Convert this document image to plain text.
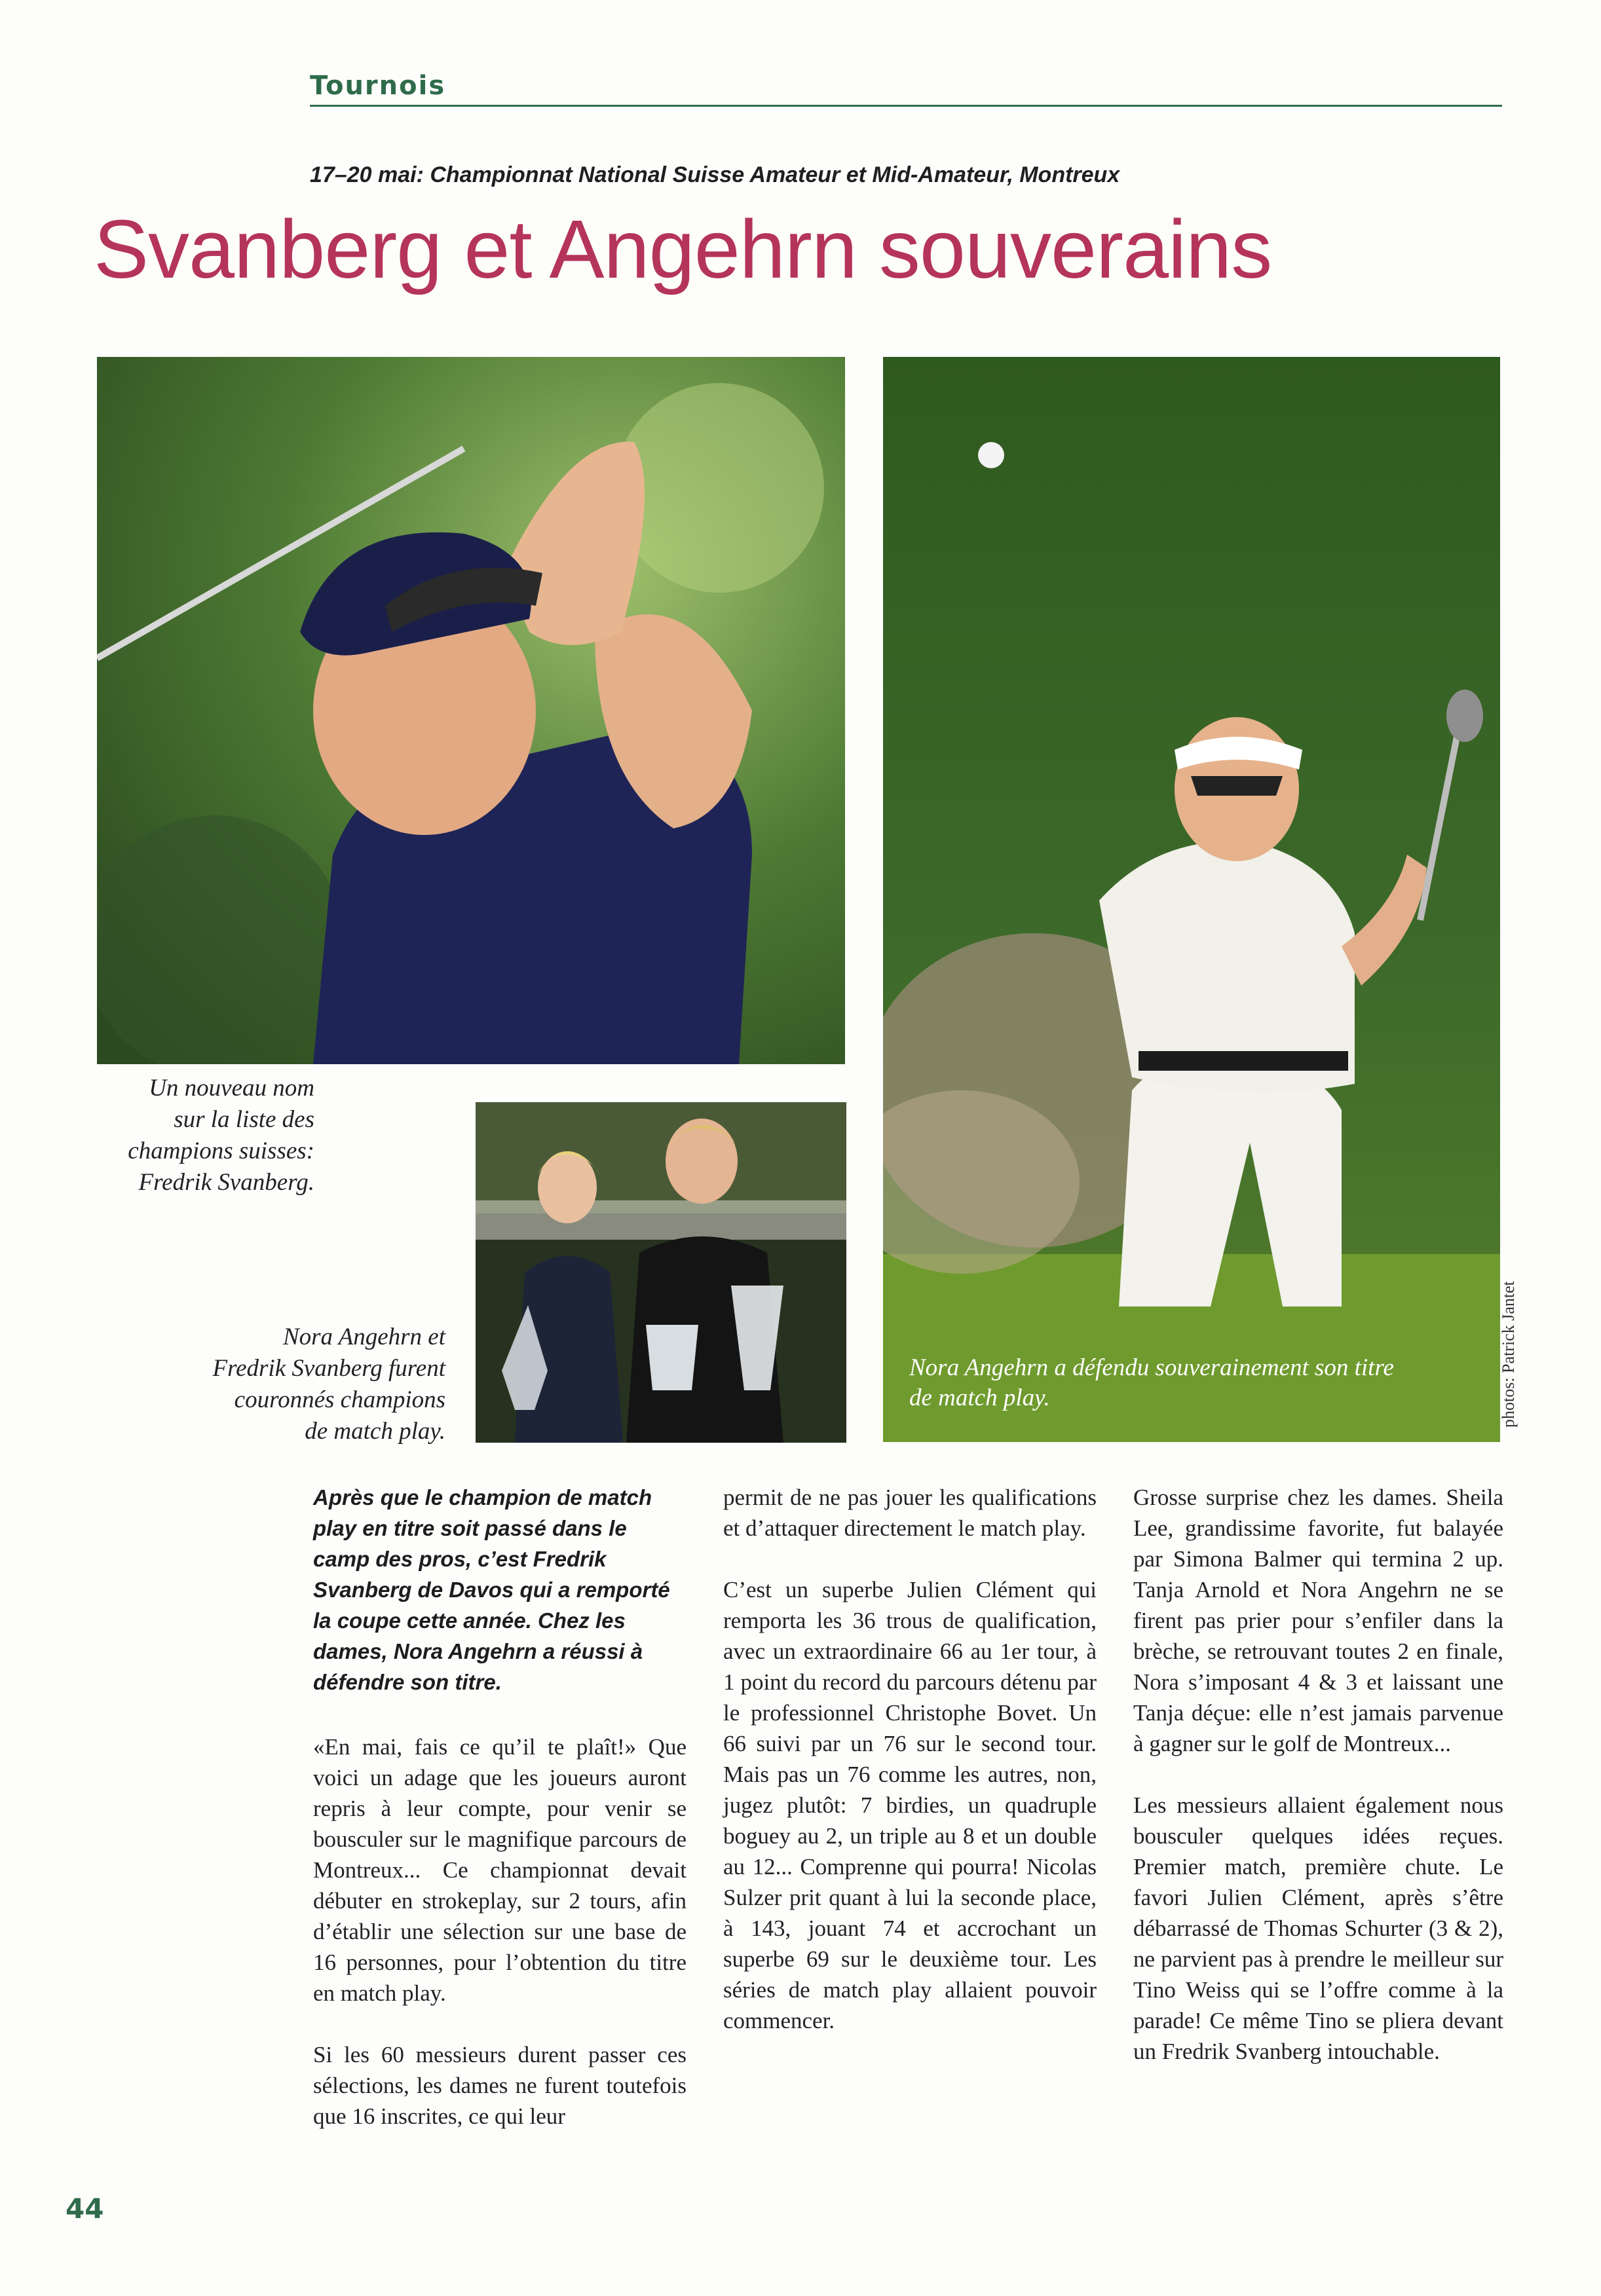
Tournois
17–20 mai: Championnat National Suisse Amateur et Mid-Amateur, Montreux
Svanberg et Angehrn souverains
Un nouveau nom
sur la liste des
champions suisses:
Fredrik Svanberg.
Nora Angehrn et
Fredrik Svanberg furent
couronnés champions
de match play.
Nora Angehrn a défendu souverainement son titre
de match play.	photos: Patrick Jantet
Après que le champion de match play en titre soit passé dans le camp des pros, c’est Fredrik Svanberg de Davos qui a remporté la coupe cette année. Chez les dames, Nora Angehrn a réussi à défendre son titre.

«En mai, fais ce qu’il te plaît!» Que voici un adage que les joueurs auront repris à leur compte, pour venir se bousculer sur le magnifique parcours de Montreux... Ce championnat devait débuter en strokeplay, sur 2 tours, afin d’établir une sélection sur une base de 16 personnes, pour l’obtention du titre en match play.

Si les 60 messieurs durent passer ces sélections, les dames ne furent toutefois que 16 inscrites, ce qui leur

permit de ne pas jouer les qualifications et d’attaquer directement le match play.

C’est un superbe Julien Clément qui remporta les 36 trous de qualification, avec un extraordinaire 66 au 1er tour, à 1 point du record du parcours détenu par le professionnel Christophe Bovet. Un 66 suivi par un 76 sur le second tour. Mais pas un 76 comme les autres, non, jugez plutôt: 7 birdies, un quadruple boguey au 2, un triple au 8 et un double au 12... Comprenne qui pourra! Nicolas Sulzer prit quant à lui la seconde place, à 143, jouant 74 et accrochant un superbe 69 sur le deuxième tour. Les séries de match play allaient pouvoir commencer.

Grosse surprise chez les dames. Sheila Lee, grandissime favorite, fut balayée par Simona Balmer qui termina 2 up. Tanja Arnold et Nora Angehrn ne se firent pas prier pour s’enfiler dans la brèche, se retrouvant toutes 2 en finale, Nora s’imposant 4 & 3 et laissant une Tanja déçue: elle n’est jamais parvenue à gagner sur le golf de Montreux...

Les messieurs allaient également nous bousculer quelques idées reçues. Premier match, première chute. Le favori Julien Clément, après s’être débarrassé de Thomas Schurter (3 & 2), ne parvient pas à prendre le meilleur sur Tino Weiss qui se l’offre comme à la parade! Ce même Tino se pliera devant un Fredrik Svanberg intouchable.

44
